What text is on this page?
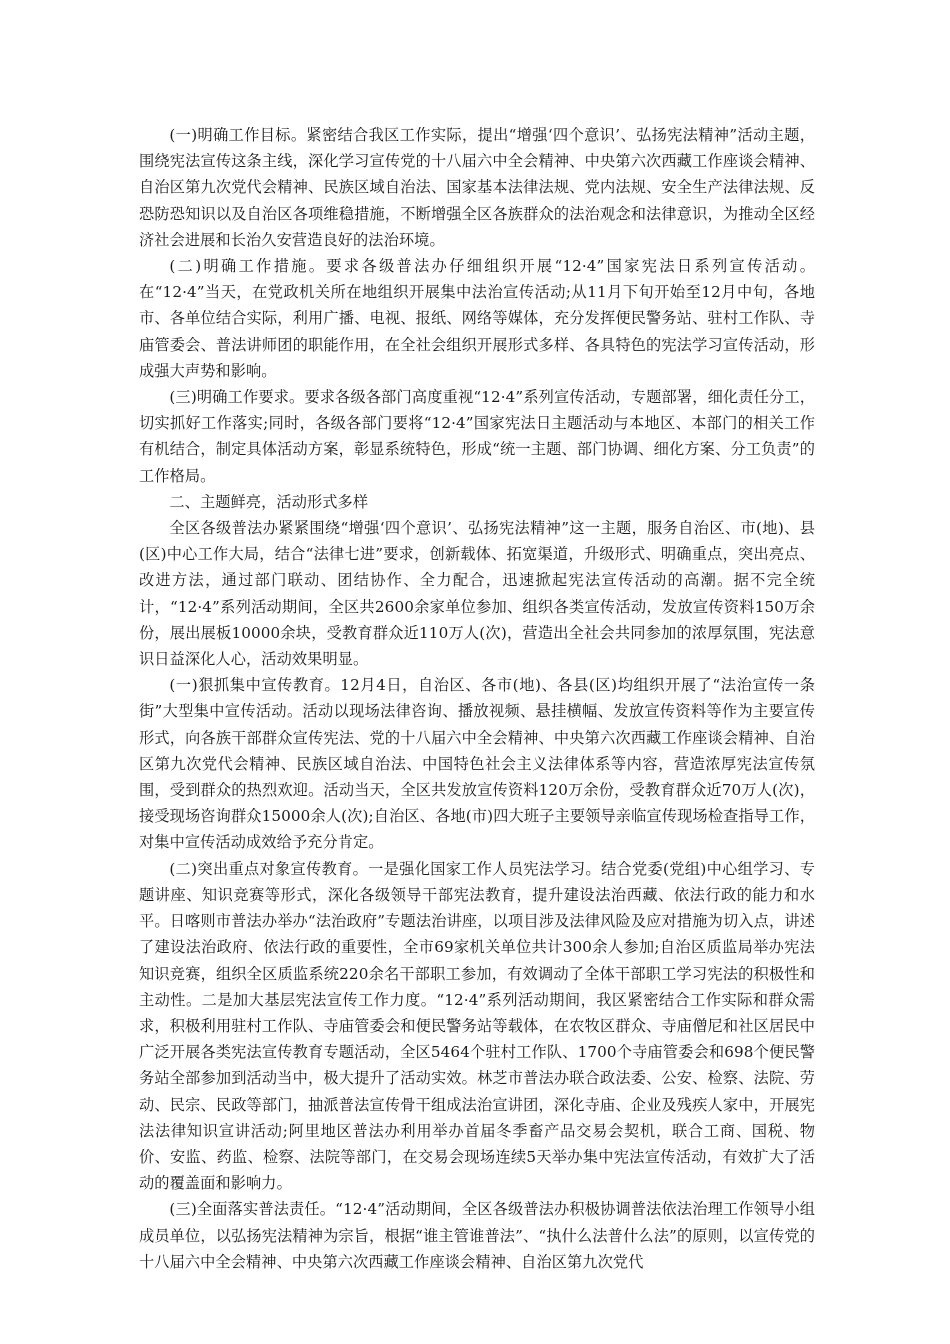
(一)明确工作目标。紧密结合我区工作实际，提出“增强‘四个意识’、弘扬宪法精神”活动主题，围绕宪法宣传这条主线，深化学习宣传党的十八届六中全会精神、中央第六次西藏工作座谈会精神、自治区第九次党代会精神、民族区域自治法、国家基本法律法规、党内法规、安全生产法律法规、反恐防恐知识以及自治区各项维稳措施，不断增强全区各族群众的法治观念和法律意识，为推动全区经济社会进展和长治久安营造良好的法治环境。

(二)明确工作措施。要求各级普法办仔细组织开展“12·4”国家宪法日系列宣传活动。在“12·4”当天，在党政机关所在地组织开展集中法治宣传活动;从11月下旬开始至12月中旬，各地市、各单位结合实际，利用广播、电视、报纸、网络等媒体，充分发挥便民警务站、驻村工作队、寺庙管委会、普法讲师团的职能作用，在全社会组织开展形式多样、各具特色的宪法学习宣传活动，形成强大声势和影响。

(三)明确工作要求。要求各级各部门高度重视“12·4”系列宣传活动，专题部署，细化责任分工，切实抓好工作落实;同时，各级各部门要将“12·4”国家宪法日主题活动与本地区、本部门的相关工作有机结合，制定具体活动方案，彰显系统特色，形成“统一主题、部门协调、细化方案、分工负责”的工作格局。

二、主题鲜亮，活动形式多样

全区各级普法办紧紧围绕“增强‘四个意识’、弘扬宪法精神”这一主题，服务自治区、市(地)、县(区)中心工作大局，结合“法律七进”要求，创新载体、拓宽渠道，升级形式、明确重点，突出亮点、改进方法，通过部门联动、团结协作、全力配合，迅速掀起宪法宣传活动的高潮。据不完全统计，“12·4”系列活动期间，全区共2600余家单位参加、组织各类宣传活动，发放宣传资料150万余份，展出展板10000余块，受教育群众近110万人(次)，营造出全社会共同参加的浓厚氛围，宪法意识日益深化人心，活动效果明显。

(一)狠抓集中宣传教育。12月4日，自治区、各市(地)、各县(区)均组织开展了“法治宣传一条街”大型集中宣传活动。活动以现场法律咨询、播放视频、悬挂横幅、发放宣传资料等作为主要宣传形式，向各族干部群众宣传宪法、党的十八届六中全会精神、中央第六次西藏工作座谈会精神、自治区第九次党代会精神、民族区域自治法、中国特色社会主义法律体系等内容，营造浓厚宪法宣传氛围，受到群众的热烈欢迎。活动当天，全区共发放宣传资料120万余份，受教育群众近70万人(次)，接受现场咨询群众15000余人(次);自治区、各地(市)四大班子主要领导亲临宣传现场检查指导工作，对集中宣传活动成效给予充分肯定。

(二)突出重点对象宣传教育。一是强化国家工作人员宪法学习。结合党委(党组)中心组学习、专题讲座、知识竞赛等形式，深化各级领导干部宪法教育，提升建设法治西藏、依法行政的能力和水平。日喀则市普法办举办“法治政府”专题法治讲座，以项目涉及法律风险及应对措施为切入点，讲述了建设法治政府、依法行政的重要性，全市69家机关单位共计300余人参加;自治区质监局举办宪法知识竞赛，组织全区质监系统220余名干部职工参加，有效调动了全体干部职工学习宪法的积极性和主动性。二是加大基层宪法宣传工作力度。“12·4”系列活动期间，我区紧密结合工作实际和群众需求，积极利用驻村工作队、寺庙管委会和便民警务站等载体，在农牧区群众、寺庙僧尼和社区居民中广泛开展各类宪法宣传教育专题活动，全区5464个驻村工作队、1700个寺庙管委会和698个便民警务站全部参加到活动当中，极大提升了活动实效。林芝市普法办联合政法委、公安、检察、法院、劳动、民宗、民政等部门，抽派普法宣传骨干组成法治宣讲团，深化寺庙、企业及残疾人家中，开展宪法法律知识宣讲活动;阿里地区普法办利用举办首届冬季畜产品交易会契机，联合工商、国税、物价、安监、药监、检察、法院等部门，在交易会现场连续5天举办集中宪法宣传活动，有效扩大了活动的覆盖面和影响力。

(三)全面落实普法责任。“12·4”活动期间，全区各级普法办积极协调普法依法治理工作领导小组成员单位，以弘扬宪法精神为宗旨，根据“谁主管谁普法”、“执什么法普什么法”的原则，以宣传党的十八届六中全会精神、中央第六次西藏工作座谈会精神、自治区第九次党代
